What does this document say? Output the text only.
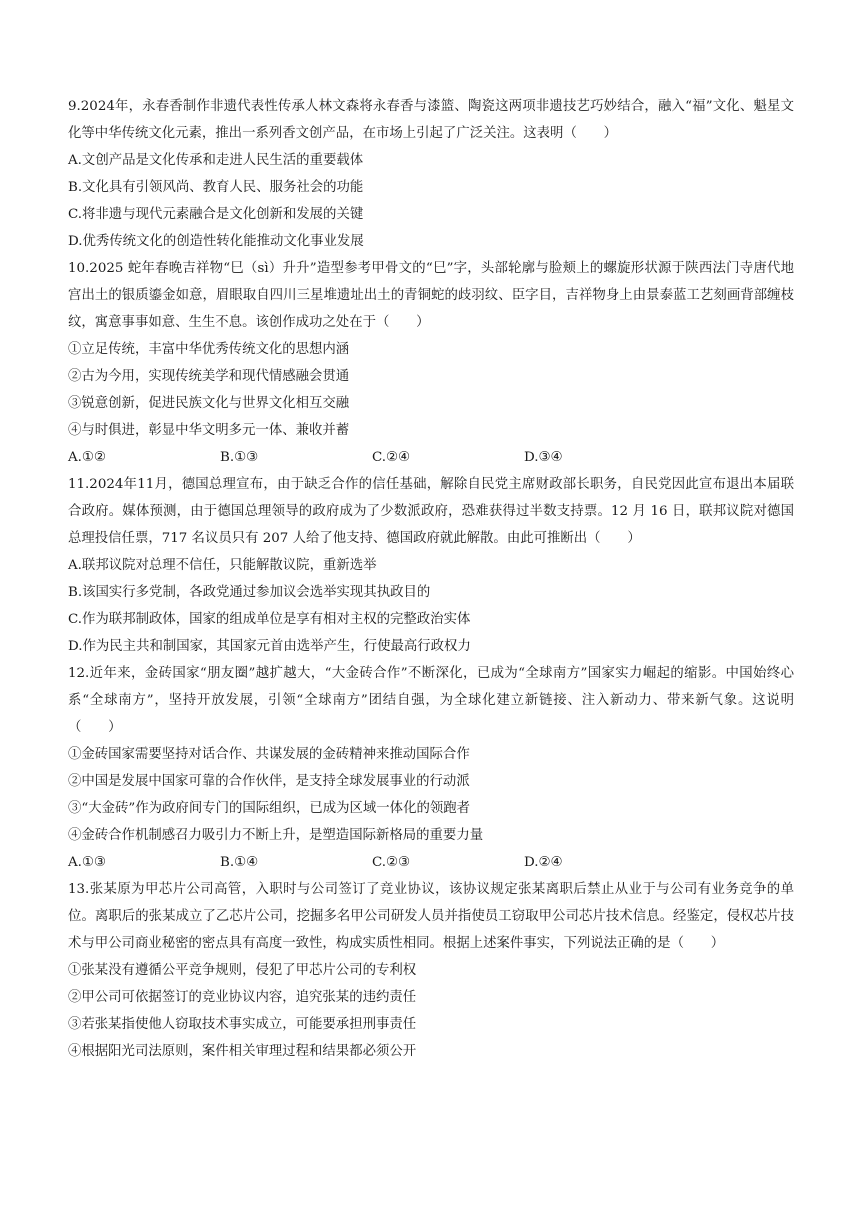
9.2024年，永春香制作非遗代表性传承人林文森将永春香与漆篮、陶瓷这两项非遗技艺巧妙结合，融入“福”文化、魁星文化等中华传统文化元素，推出一系列香文创产品，在市场上引起了广泛关注。这表明（　　）

A.文创产品是文化传承和走进人民生活的重要载体

B.文化具有引领风尚、教育人民、服务社会的功能

C.将非遗与现代元素融合是文化创新和发展的关键

D.优秀传统文化的创造性转化能推动文化事业发展

10.2025 蛇年春晚吉祥物“巳（sì）升升”造型参考甲骨文的“巳”字，头部轮廓与脸颊上的螺旋形状源于陕西法门寺唐代地宫出土的银质鎏金如意，眉眼取自四川三星堆遗址出土的青铜蛇的歧羽纹、臣字目，吉祥物身上由景泰蓝工艺刻画背部缠枝纹，寓意事事如意、生生不息。该创作成功之处在于（　　）

①立足传统，丰富中华优秀传统文化的思想内涵

②古为今用，实现传统美学和现代情感融会贯通

③锐意创新，促进民族文化与世界文化相互交融

④与时俱进，彰显中华文明多元一体、兼收并蓄

A.①②	B.①③	C.②④	D.③④

11.2024年11月，德国总理宣布，由于缺乏合作的信任基础，解除自民党主席财政部长职务，自民党因此宣布退出本届联合政府。媒体预测，由于德国总理领导的政府成为了少数派政府，恐难获得过半数支持票。12 月 16 日，联邦议院对德国总理投信任票，717 名议员只有 207 人给了他支持、德国政府就此解散。由此可推断出（　　）

A.联邦议院对总理不信任，只能解散议院，重新选举

B.该国实行多党制，各政党通过参加议会选举实现其执政目的

C.作为联邦制政体，国家的组成单位是享有相对主权的完整政治实体

D.作为民主共和制国家，其国家元首由选举产生，行使最高行政权力

12.近年来，金砖国家“朋友圈”越扩越大，“大金砖合作”不断深化，已成为“全球南方”国家实力崛起的缩影。中国始终心系“全球南方”，坚持开放发展，引领“全球南方”团结自强，为全球化建立新链接、注入新动力、带来新气象。这说明（　　）

①金砖国家需要坚持对话合作、共谋发展的金砖精神来推动国际合作

②中国是发展中国家可靠的合作伙伴，是支持全球发展事业的行动派

③“大金砖”作为政府间专门的国际组织，已成为区域一体化的领跑者

④金砖合作机制感召力吸引力不断上升，是塑造国际新格局的重要力量

A.①③	B.①④	C.②③	D.②④

13.张某原为甲芯片公司高管，入职时与公司签订了竞业协议，该协议规定张某离职后禁止从业于与公司有业务竞争的单位。离职后的张某成立了乙芯片公司，挖掘多名甲公司研发人员并指使员工窃取甲公司芯片技术信息。经鉴定，侵权芯片技术与甲公司商业秘密的密点具有高度一致性，构成实质性相同。根据上述案件事实，下列说法正确的是（　　）

①张某没有遵循公平竞争规则，侵犯了甲芯片公司的专利权

②甲公司可依据签订的竞业协议内容，追究张某的违约责任

③若张某指使他人窃取技术事实成立，可能要承担刑事责任

④根据阳光司法原则，案件相关审理过程和结果都必须公开
